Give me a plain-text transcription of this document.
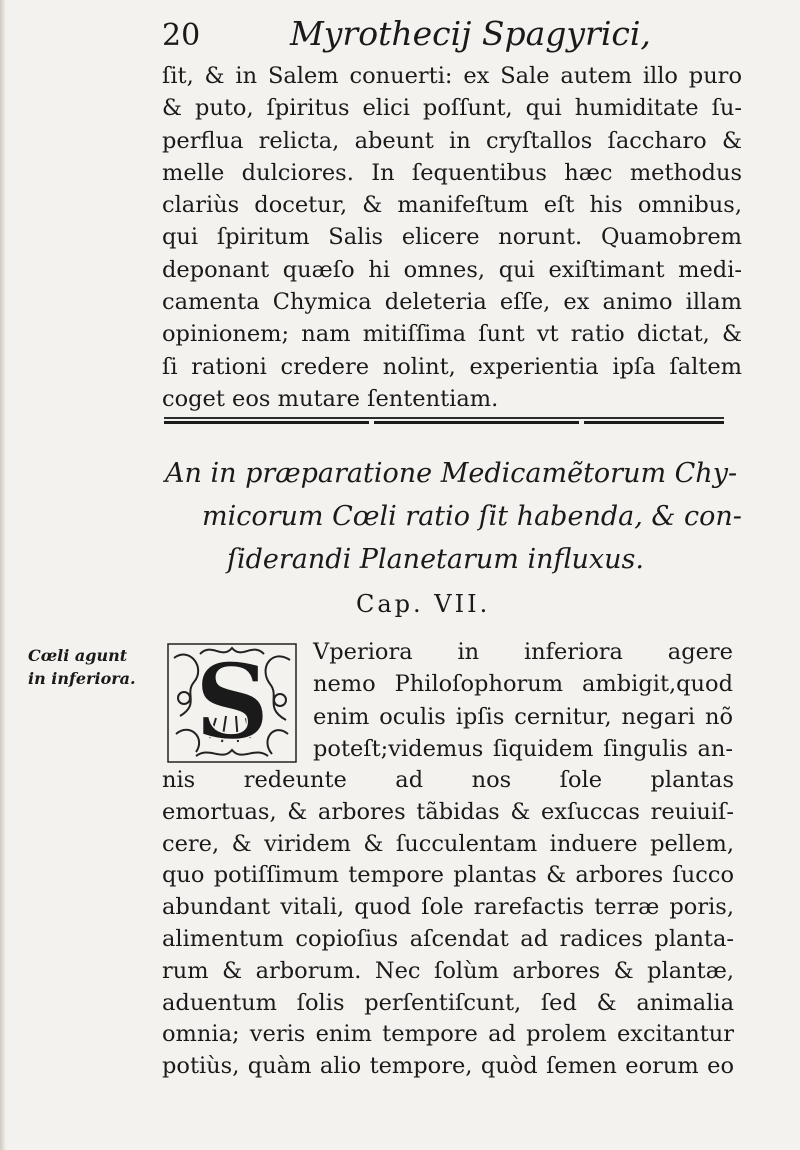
20	Myrothecij Spagyrici,
ſit, & in Salem conuerti: ex Sale autem illo puro
& puto, ſpiritus elici poſſunt, qui humiditate ſu-
perflua relicta, abeunt in cryſtallos ſaccharo &
melle dulciores. In ſequentibus hæc methodus
clariùs docetur, & manifeſtum eſt his omnibus,
qui ſpiritum Salis elicere norunt. Quamobrem
deponant quæſo hi omnes, qui exiſtimant medi-
camenta Chymica deleteria eſſe, ex animo illam
opinionem; nam mitiſſima ſunt vt ratio dictat, &
ſi rationi credere nolint, experientia ipſa ſaltem
coget eos mutare ſententiam.
An in præparatione Medicamẽtorum Chy-
micorum Cœli ratio ſit habenda, & con-
ſiderandi Planetarum influxus.
Cap. VII.
Cœli agunt
in inferiora. S Vperiora in inferiora agere
nemo Philoſophorum ambigit,quod
enim oculis ipſis cernitur, negari nõ
poteſt;videmus ſiquidem ſingulis an-
nis redeunte ad nos ſole plantas
emortuas, & arbores tãbidas & exſuccas reuiuiſ-
cere, & viridem & ſucculentam induere pellem,
quo potiſſimum tempore plantas & arbores ſucco
abundant vitali, quod ſole rarefactis terræ poris,
alimentum copioſius aſcendat ad radices planta-
rum & arborum. Nec ſolùm arbores & plantæ,
aduentum ſolis perſentiſcunt, ſed & animalia
omnia; veris enim tempore ad prolem excitantur
potiùs, quàm alio tempore, quòd ſemen eorum eo
